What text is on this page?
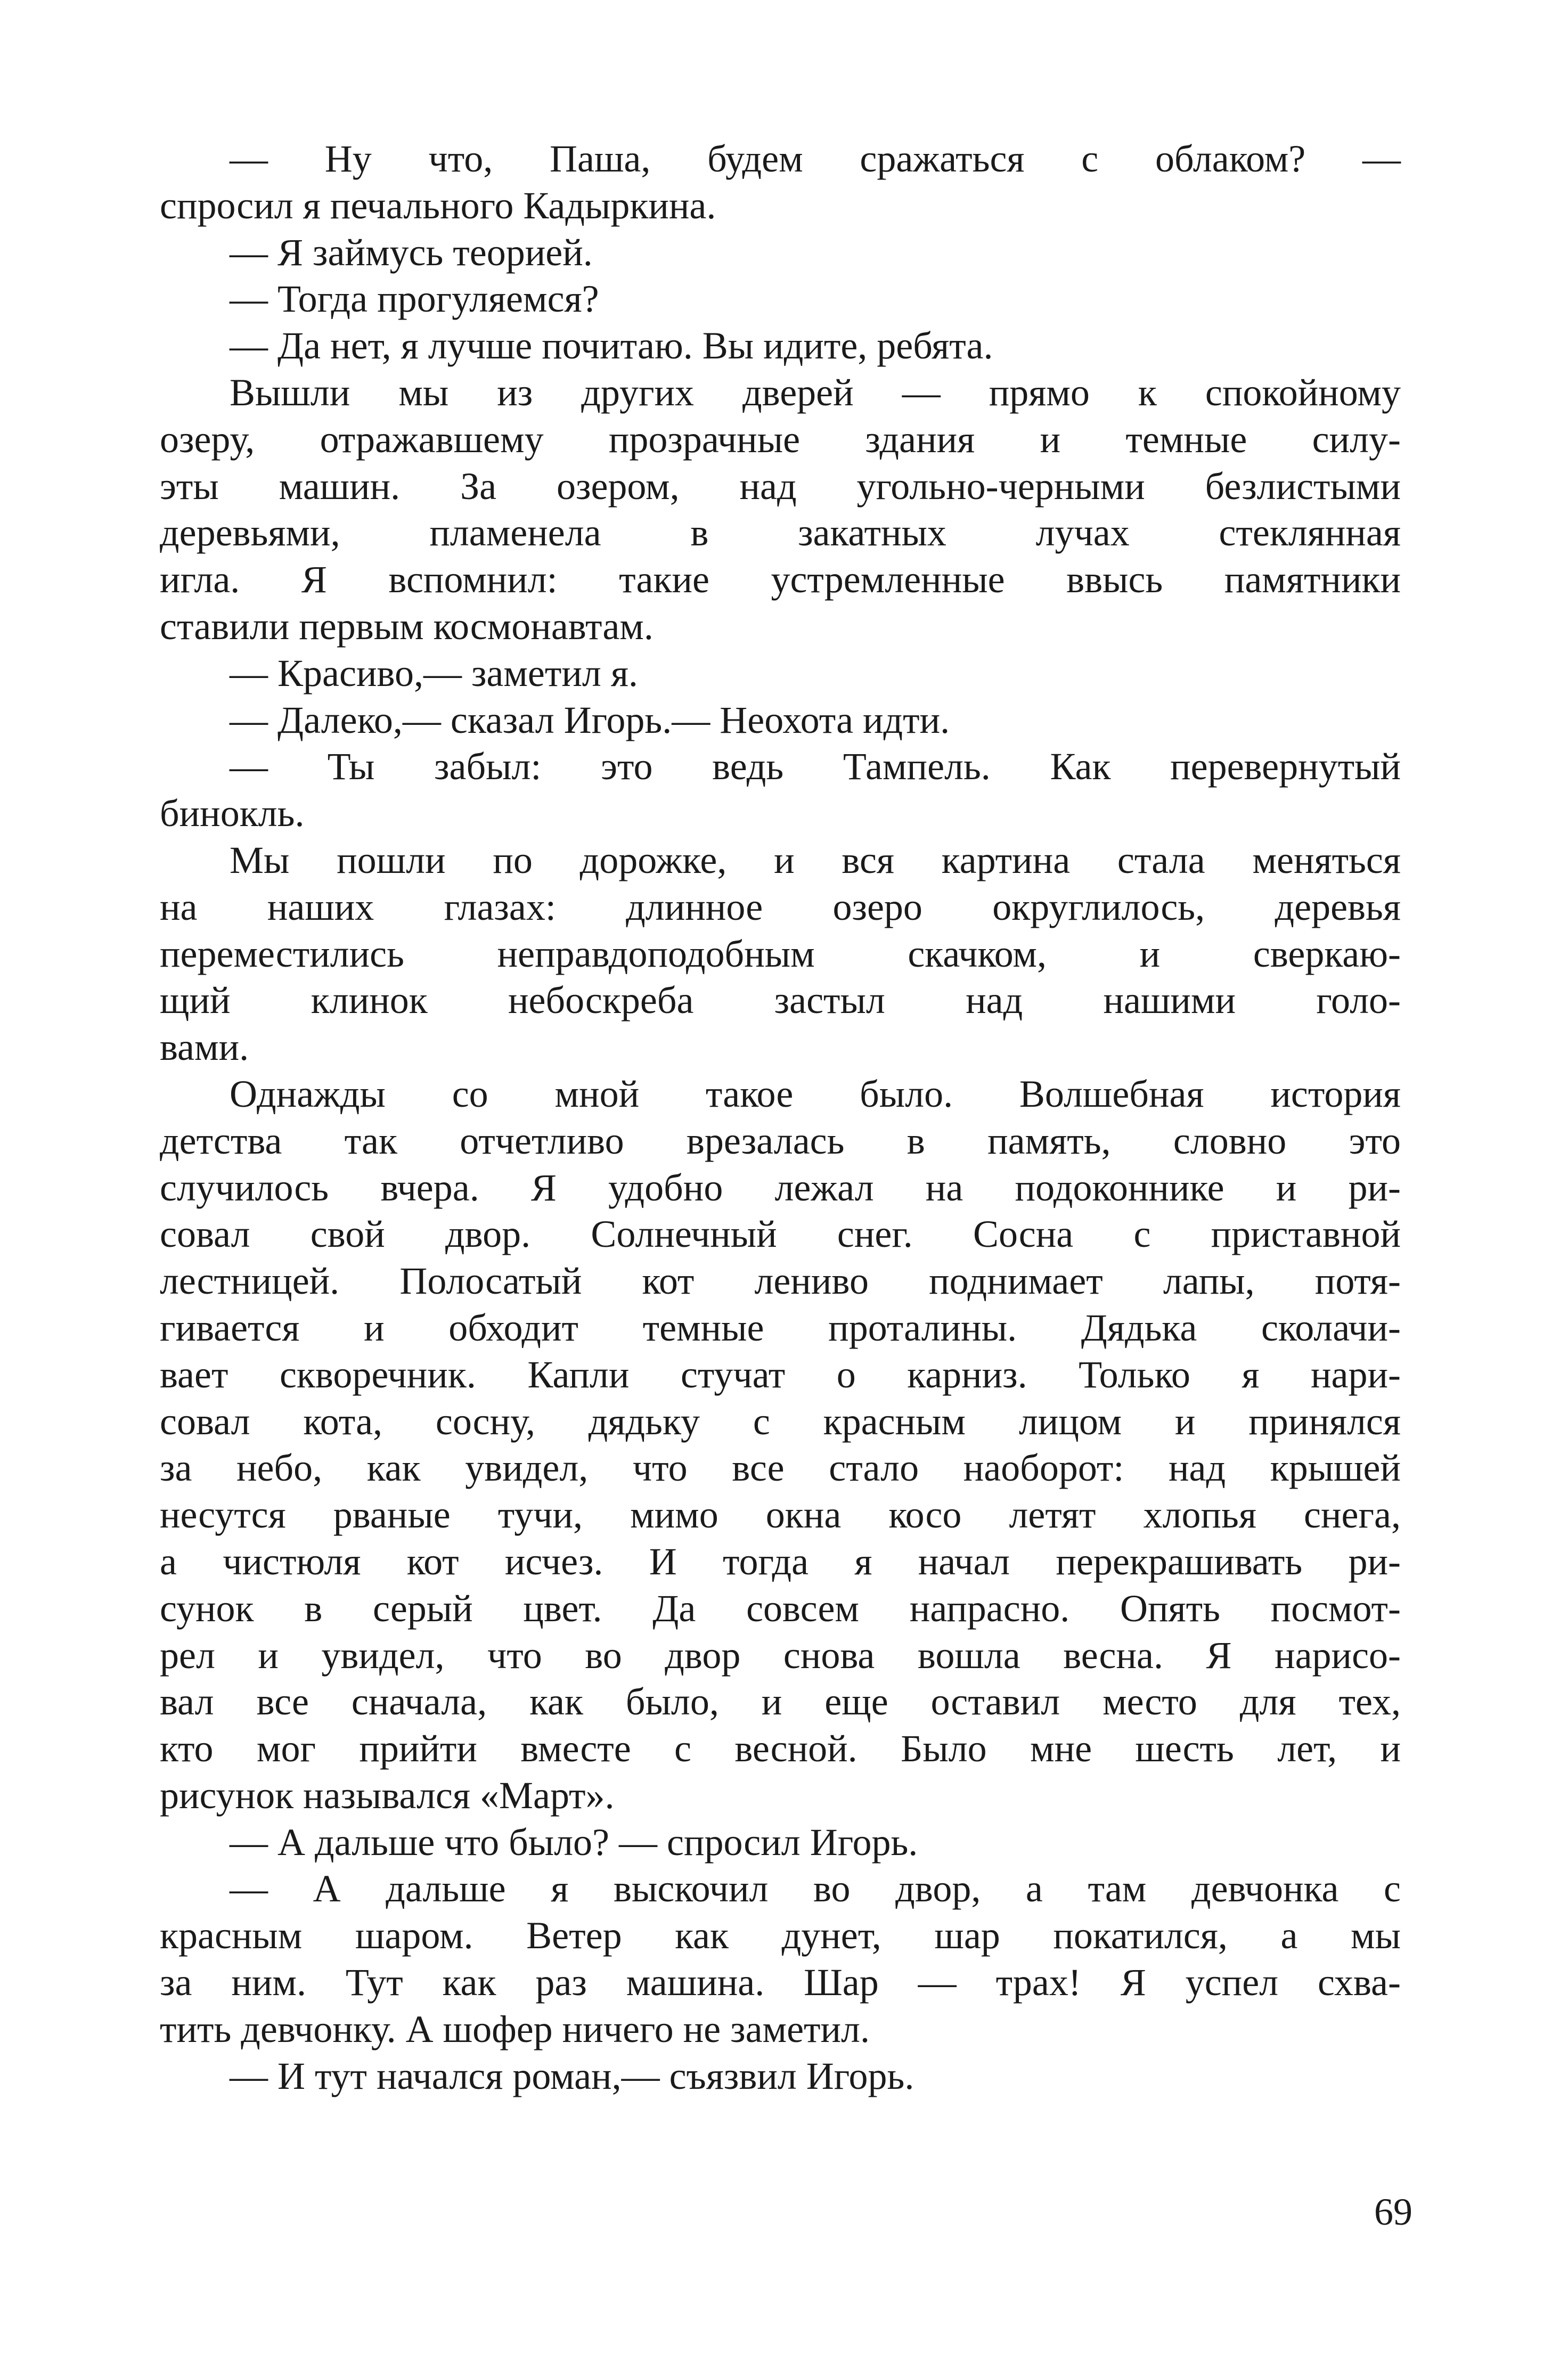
— Ну что, Паша, будем сражаться с облаком? —
спросил я печального Кадыркина.
— Я займусь теорией.
— Тогда прогуляемся?
— Да нет, я лучше почитаю. Вы идите, ребята.
Вышли мы из других дверей — прямо к спокойному
озеру, отражавшему прозрачные здания и темные силу-
эты машин. За озером, над угольно-черными безлистыми
деревьями, пламенела в закатных лучах стеклянная
игла. Я вспомнил: такие устремленные ввысь памятники
ставили первым космонавтам.
— Красиво,— заметил я.
— Далеко,— сказал Игорь.— Неохота идти.
— Ты забыл: это ведь Тампель. Как перевернутый
бинокль.
Мы пошли по дорожке, и вся картина стала меняться
на наших глазах: длинное озеро округлилось, деревья
переместились неправдоподобным скачком, и сверкаю-
щий клинок небоскреба застыл над нашими голо-
вами.
Однажды со мной такое было. Волшебная история
детства так отчетливо врезалась в память, словно это
случилось вчера. Я удобно лежал на подоконнике и ри-
совал свой двор. Солнечный снег. Сосна с приставной
лестницей. Полосатый кот лениво поднимает лапы, потя-
гивается и обходит темные проталины. Дядька сколачи-
вает скворечник. Капли стучат о карниз. Только я нари-
совал кота, сосну, дядьку с красным лицом и принялся
за небо, как увидел, что все стало наоборот: над крышей
несутся рваные тучи, мимо окна косо летят хлопья снега,
а чистюля кот исчез. И тогда я начал перекрашивать ри-
сунок в серый цвет. Да совсем напрасно. Опять посмот-
рел и увидел, что во двор снова вошла весна. Я нарисо-
вал все сначала, как было, и еще оставил место для тех,
кто мог прийти вместе с весной. Было мне шесть лет, и
рисунок назывался «Март».
— А дальше что было? — спросил Игорь.
— А дальше я выскочил во двор, а там девчонка с
красным шаром. Ветер как дунет, шар покатился, а мы
за ним. Тут как раз машина. Шар — трах! Я успел схва-
тить девчонку. А шофер ничего не заметил.
— И тут начался роман,— съязвил Игорь.
69
